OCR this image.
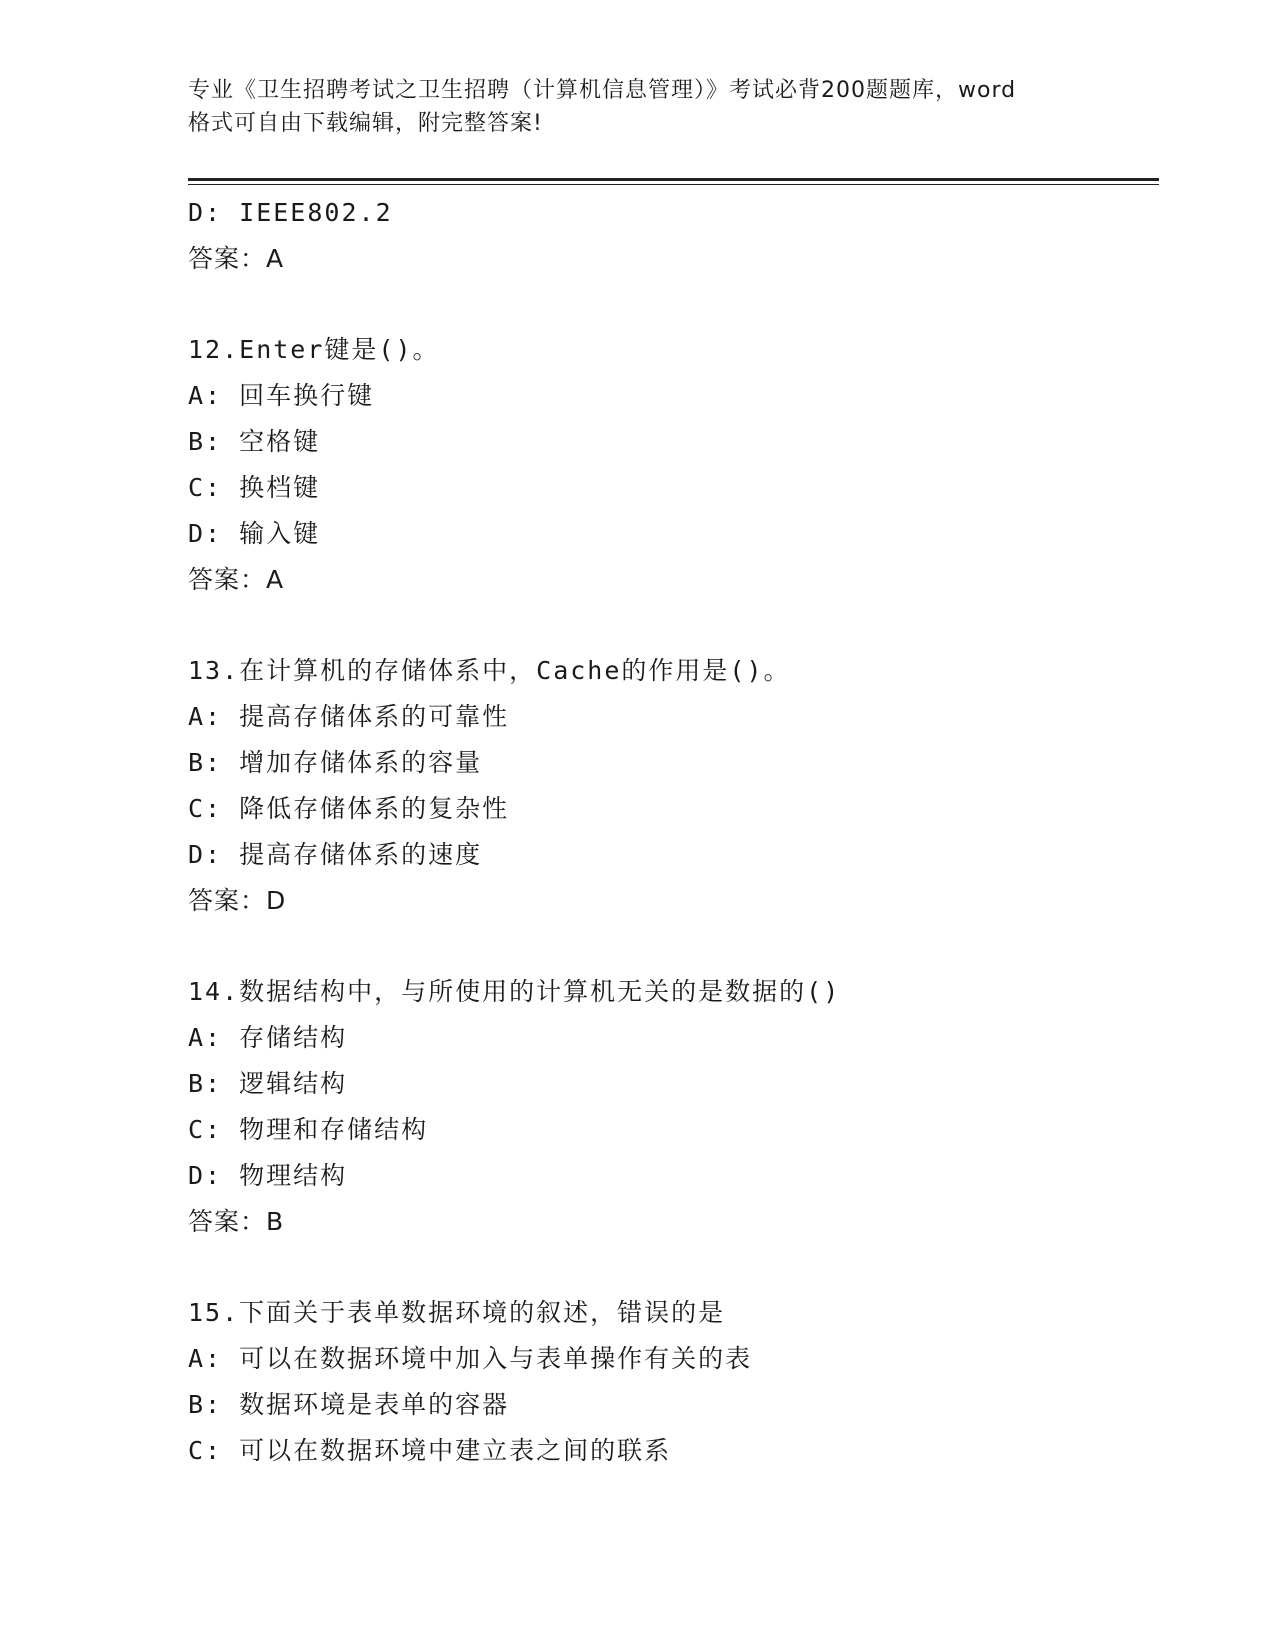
专业《卫生招聘考试之卫生招聘（计算机信息管理）》考试必背200题题库，word
格式可自由下载编辑，附完整答案!
D: IEEE802.2
答案：A
12.Enter键是()。
A: 回车换行键
B: 空格键
C: 换档键
D: 输入键
答案：A
13.在计算机的存储体系中，Cache的作用是()。
A: 提高存储体系的可靠性
B: 增加存储体系的容量
C: 降低存储体系的复杂性
D: 提高存储体系的速度
答案：D
14.数据结构中，与所使用的计算机无关的是数据的()
A: 存储结构
B: 逻辑结构
C: 物理和存储结构
D: 物理结构
答案：B
15.下面关于表单数据环境的叙述，错误的是
A: 可以在数据环境中加入与表单操作有关的表
B: 数据环境是表单的容器
C: 可以在数据环境中建立表之间的联系
